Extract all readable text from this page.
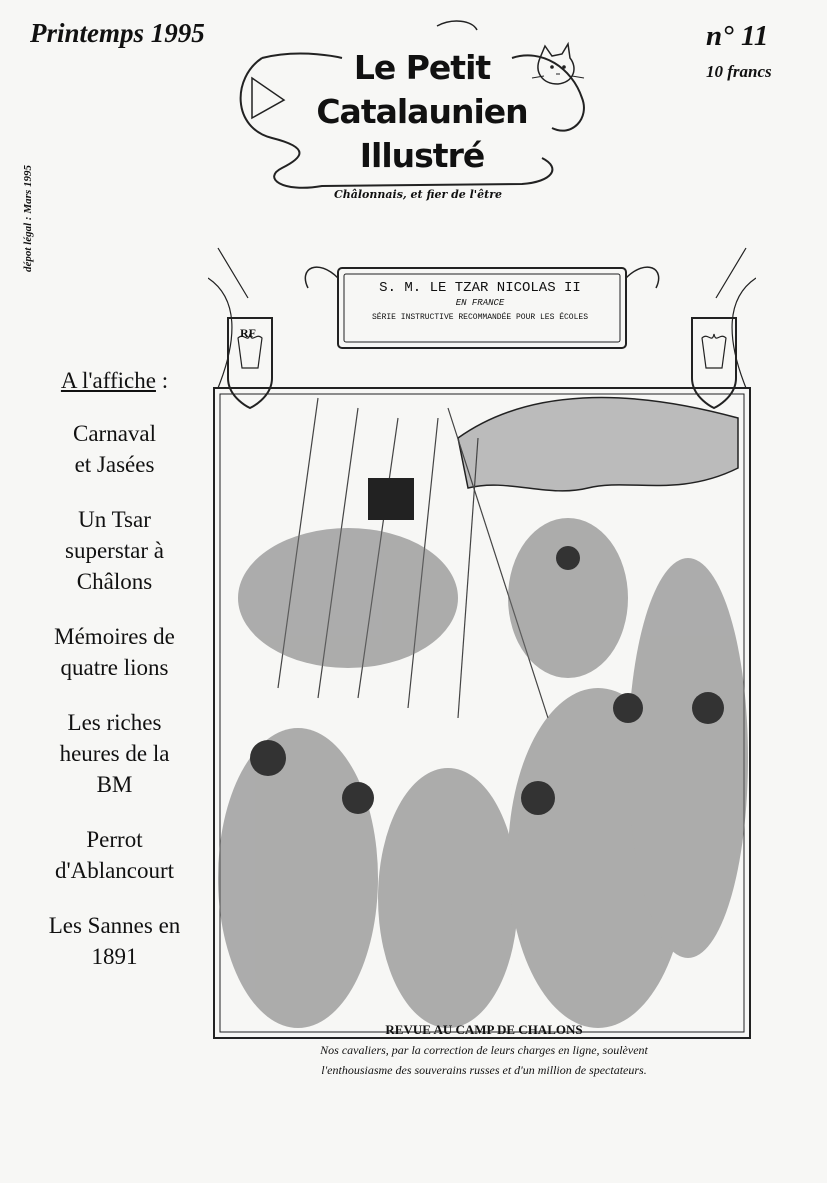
Printemps 1995	n° 11
10 francs
dépot légal : Mars 1995
Le Petit
Catalaunien
Illustré
Châlonnais, et fier de l'être
A l'affiche :
Carnaval
et Jasées
Un Tsar
superstar à
Châlons
Mémoires de
quatre lions
Les riches
heures de la
BM
Perrot
d'Ablancourt
Les Sannes en
1891
S. M. LE TZAR NICOLAS II
EN FRANCE
SÉRIE INSTRUCTIVE RECOMMANDÉE POUR LES ÉCOLES
RF
REVUE AU CAMP DE CHALONS
Nos cavaliers, par la correction de leurs charges en ligne, soulèvent
l'enthousiasme des souverains russes et d'un million de spectateurs.
